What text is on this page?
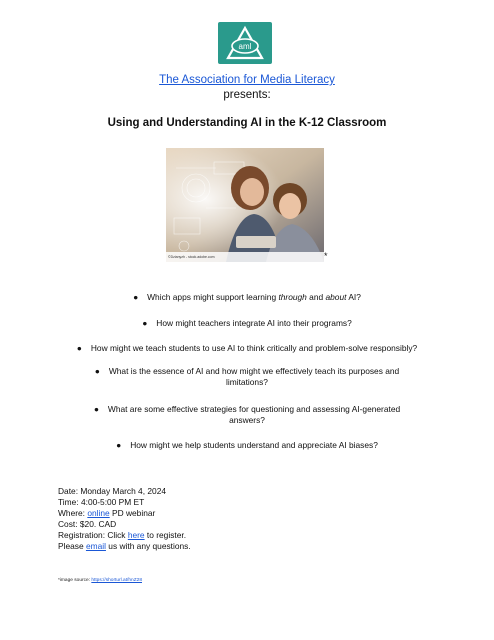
aml
The Association for Media Literacy
presents:
Using and Understanding AI in the K-12 Classroom
©Dzianyzh - stock.adobe.com	*
● Which apps might support learning through and about AI?
● How might teachers integrate AI into their programs?
● How might we teach students to use AI to think critically and problem-solve responsibly?
● What is the essence of AI and how might we effectively teach its purposes and
limitations?
● What are some effective strategies for questioning and assessing AI-generated
answers?
● How might we help students understand and appreciate AI biases?
Date: Monday March 4, 2024
Time: 4:00-5:00 PM ET
Where: online PD webinar
Cost: $20. CAD
Registration: Click here to register.
Please email us with any questions.
*image source: https://shorturl.at/hnZ28
